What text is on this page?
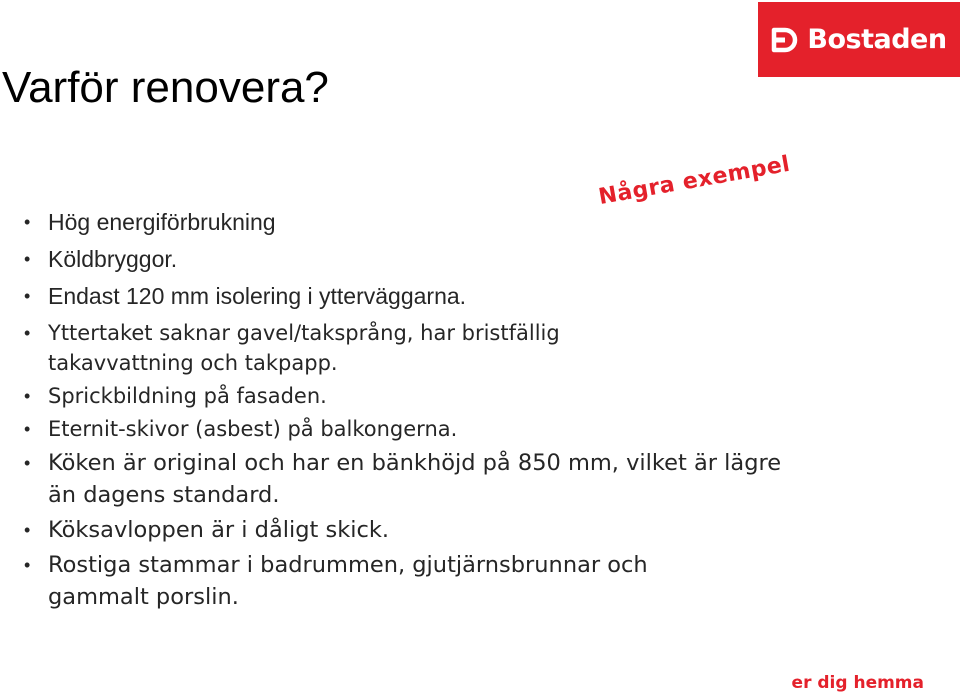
Bostaden
Varför renovera?
Några exempel
• Hög energiförbrukning
• Köldbryggor.
• Endast 120 mm isolering i ytterväggarna.
• Yttertaket saknar gavel/taksprång, har bristfällig takavvattning och takpapp.
• Sprickbildning på fasaden.
• Eternit-skivor (asbest) på balkongerna.
• Köken är original och har en bänkhöjd på 850 mm, vilket är lägre än dagens standard.
• Köksavloppen är i dåligt skick.
• Rostiga stammar i badrummen, gjutjärnsbrunnar och gammalt porslin.
er dig hemma
